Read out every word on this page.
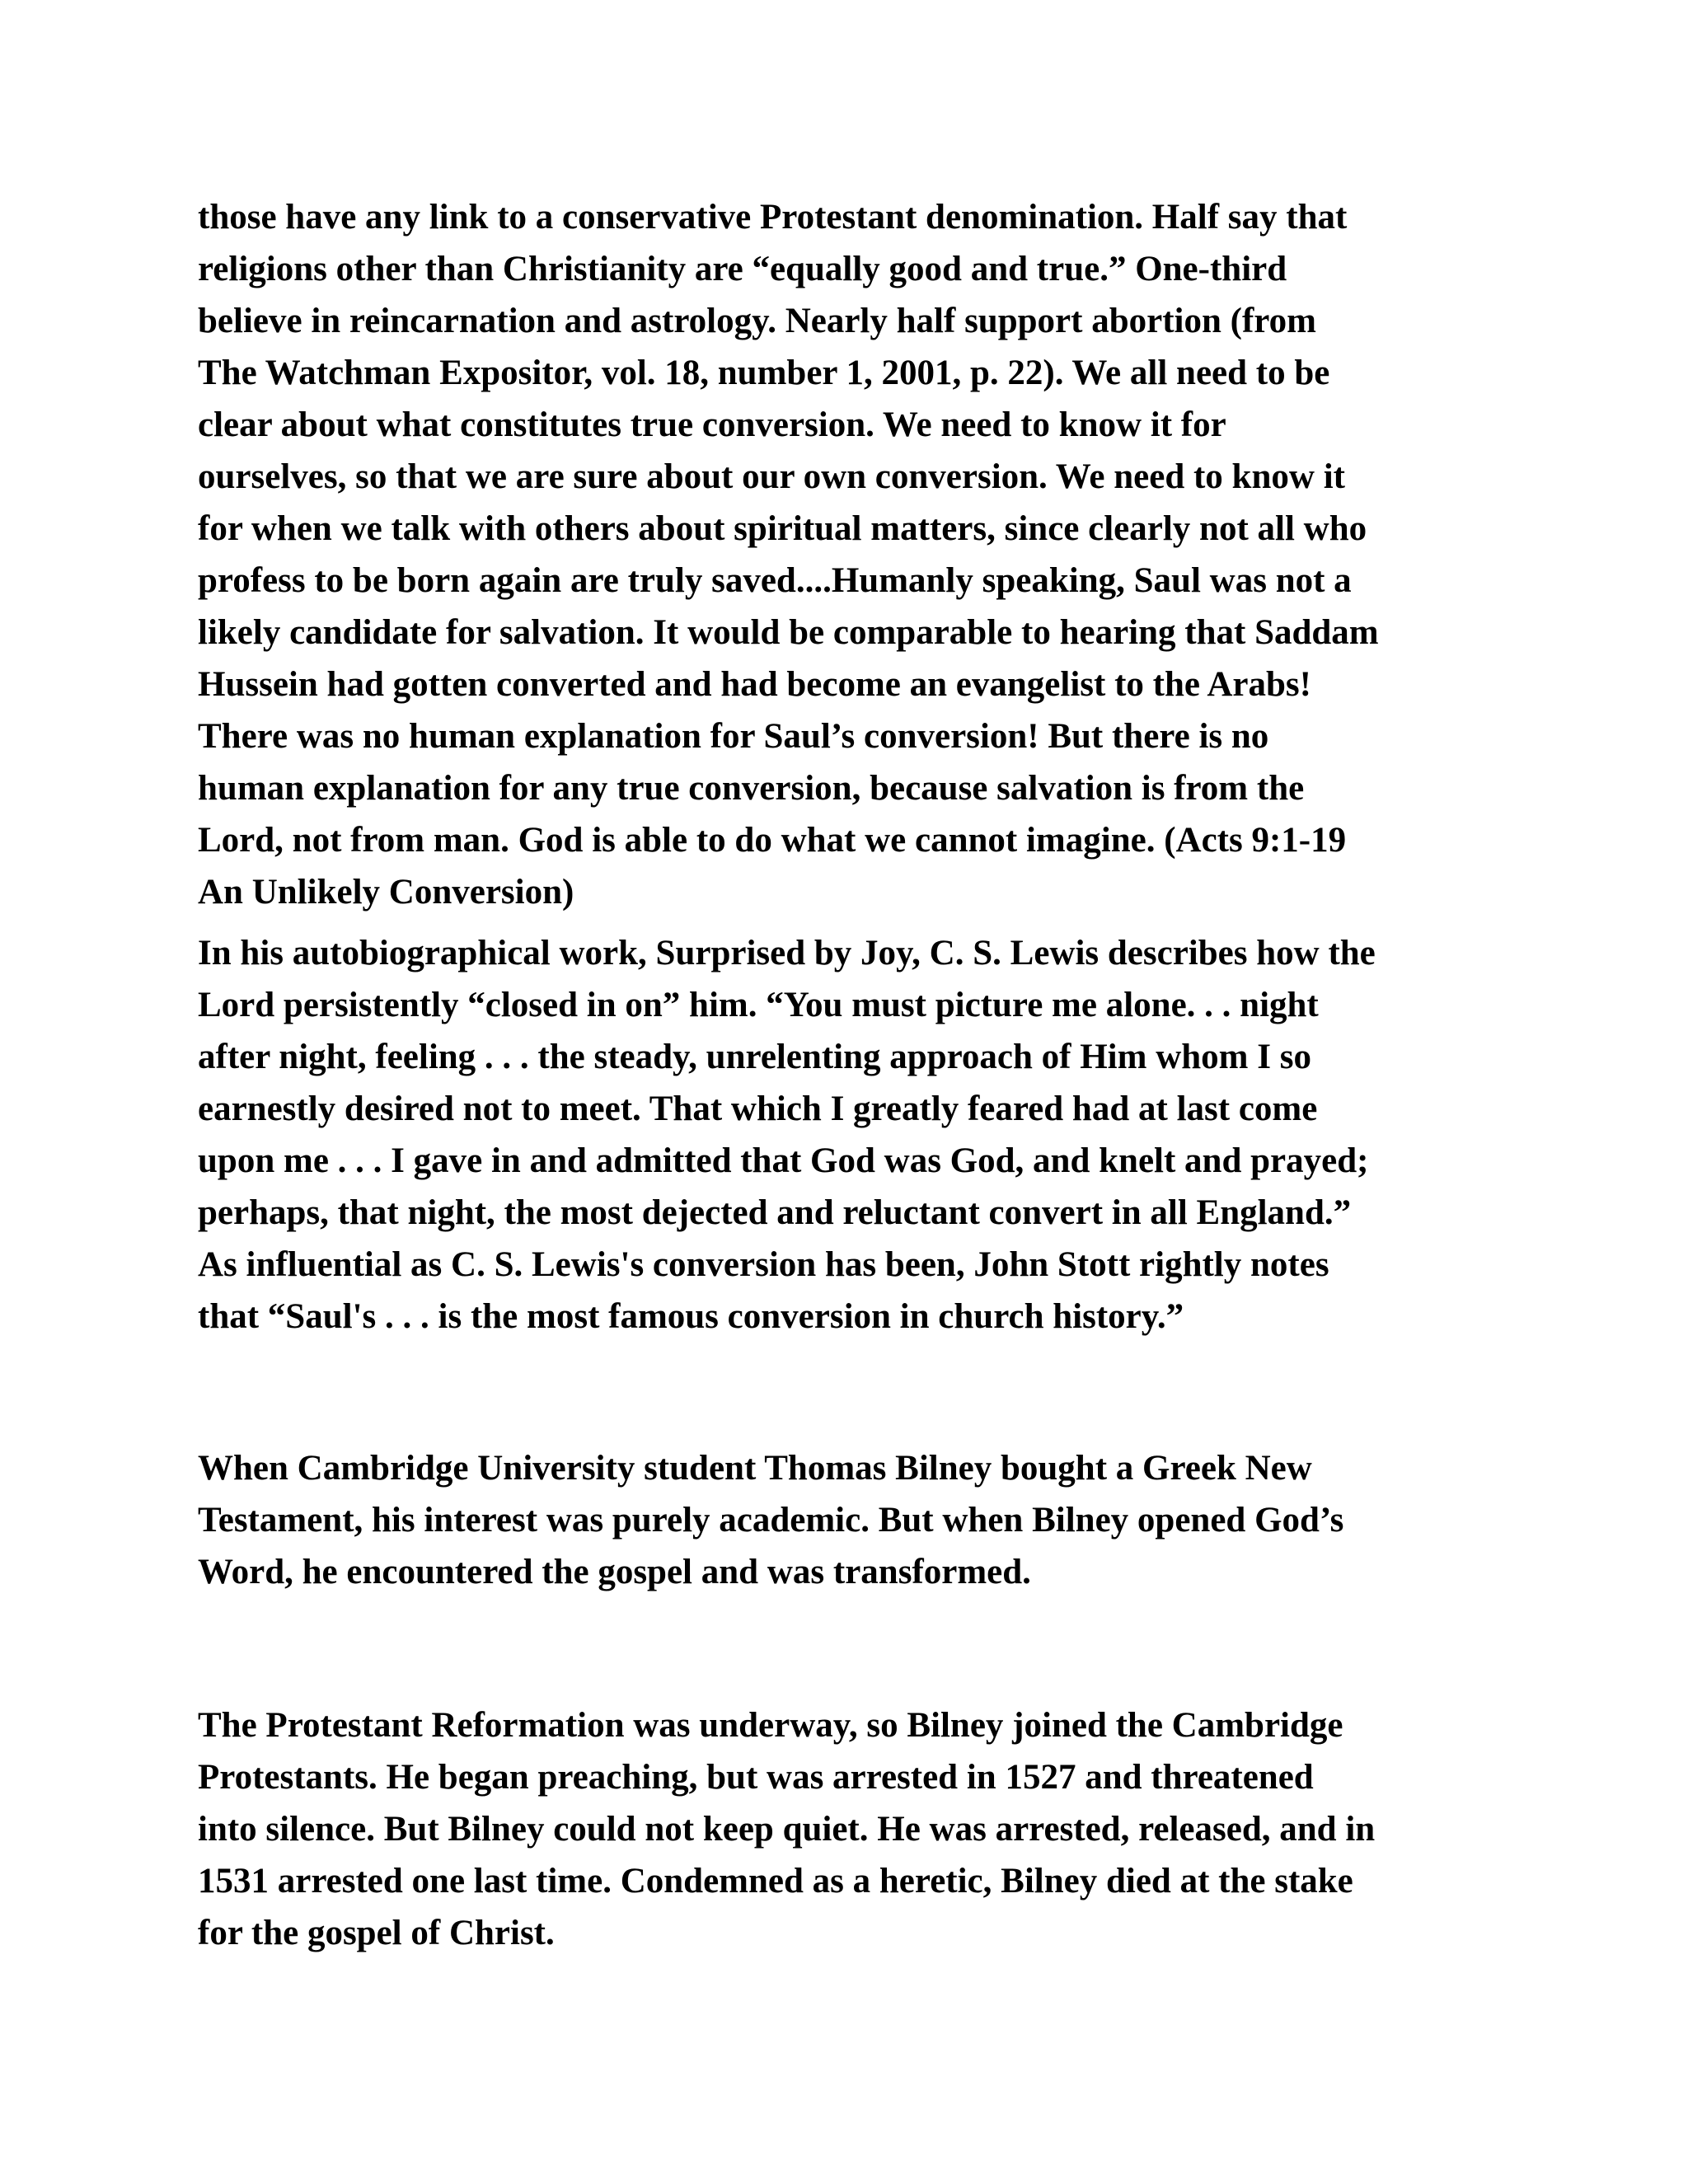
those have any link to a conservative Protestant denomination. Half say that
religions other than Christianity are “equally good and true.” One-third
believe in reincarnation and astrology. Nearly half support abortion (from
The Watchman Expositor, vol. 18, number 1, 2001, p. 22). We all need to be
clear about what constitutes true conversion. We need to know it for
ourselves, so that we are sure about our own conversion. We need to know it
for when we talk with others about spiritual matters, since clearly not all who
profess to be born again are truly saved....Humanly speaking, Saul was not a
likely candidate for salvation. It would be comparable to hearing that Saddam
Hussein had gotten converted and had become an evangelist to the Arabs!
There was no human explanation for Saul’s conversion! But there is no
human explanation for any true conversion, because salvation is from the
Lord, not from man. God is able to do what we cannot imagine. (Acts 9:1-19
An Unlikely Conversion)
In his autobiographical work, Surprised by Joy, C. S. Lewis describes how the
Lord persistently “closed in on” him. “You must picture me alone. . . night
after night, feeling . . . the steady, unrelenting approach of Him whom I so
earnestly desired not to meet. That which I greatly feared had at last come
upon me . . . I gave in and admitted that God was God, and knelt and prayed;
perhaps, that night, the most dejected and reluctant convert in all England.”
As influential as C. S. Lewis's conversion has been, John Stott rightly notes
that “Saul's . . . is the most famous conversion in church history.”
When Cambridge University student Thomas Bilney bought a Greek New
Testament, his interest was purely academic. But when Bilney opened God’s
Word, he encountered the gospel and was transformed.
The Protestant Reformation was underway, so Bilney joined the Cambridge
Protestants. He began preaching, but was arrested in 1527 and threatened
into silence. But Bilney could not keep quiet. He was arrested, released, and in
1531 arrested one last time. Condemned as a heretic, Bilney died at the stake
for the gospel of Christ.
